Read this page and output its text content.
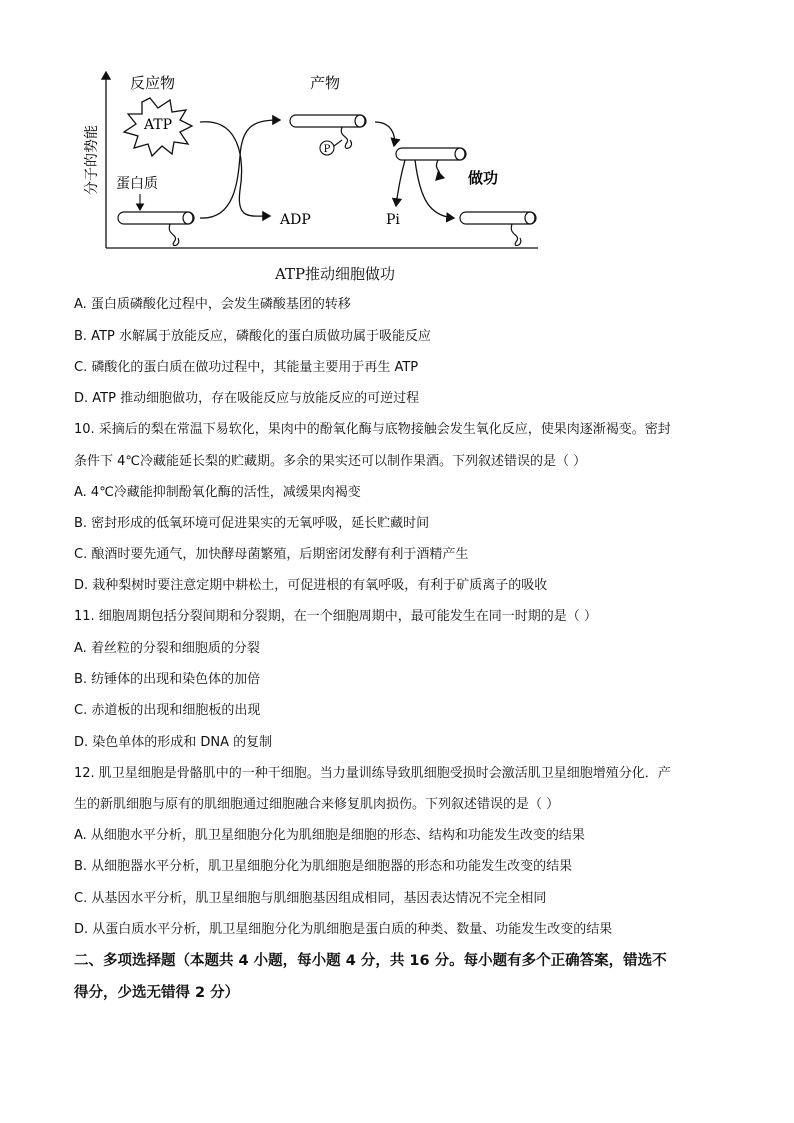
分子的势能
反应物	产物
ATP
蛋白质
ADP
P
做功
Pi
ATP推动细胞做功
A. 蛋白质磷酸化过程中，会发生磷酸基团的转移
B. ATP 水解属于放能反应，磷酸化的蛋白质做功属于吸能反应
C. 磷酸化的蛋白质在做功过程中，其能量主要用于再生 ATP
D. ATP 推动细胞做功，存在吸能反应与放能反应的可逆过程
10. 采摘后的梨在常温下易软化，果肉中的酚氧化酶与底物接触会发生氧化反应，使果肉逐渐褐变。密封
条件下 4℃冷藏能延长梨的贮藏期。多余的果实还可以制作果酒。下列叙述错误的是（ ）
A. 4℃冷藏能抑制酚氧化酶的活性，减缓果肉褐变
B. 密封形成的低氧环境可促进果实的无氧呼吸，延长贮藏时间
C. 酿酒时要先通气，加快酵母菌繁殖，后期密闭发酵有利于酒精产生
D. 栽种梨树时要注意定期中耕松土，可促进根的有氧呼吸，有利于矿质离子的吸收
11. 细胞周期包括分裂间期和分裂期，在一个细胞周期中，最可能发生在同一时期的是（ ）
A. 着丝粒的分裂和细胞质的分裂
B. 纺锤体的出现和染色体的加倍
C. 赤道板的出现和细胞板的出现
D. 染色单体的形成和 DNA 的复制
12. 肌卫星细胞是骨骼肌中的一种干细胞。当力量训练导致肌细胞受损时会激活肌卫星细胞增殖分化．产
生的新肌细胞与原有的肌细胞通过细胞融合来修复肌肉损伤。下列叙述错误的是（ ）
A. 从细胞水平分析，肌卫星细胞分化为肌细胞是细胞的形态、结构和功能发生改变的结果
B. 从细胞器水平分析，肌卫星细胞分化为肌细胞是细胞器的形态和功能发生改变的结果
C. 从基因水平分析，肌卫星细胞与肌细胞基因组成相同，基因表达情况不完全相同
D. 从蛋白质水平分析，肌卫星细胞分化为肌细胞是蛋白质的种类、数量、功能发生改变的结果
二、多项选择题（本题共 4 小题，每小题 4 分，共 16 分。每小题有多个正确答案，错选不
得分，少选无错得 2 分）
